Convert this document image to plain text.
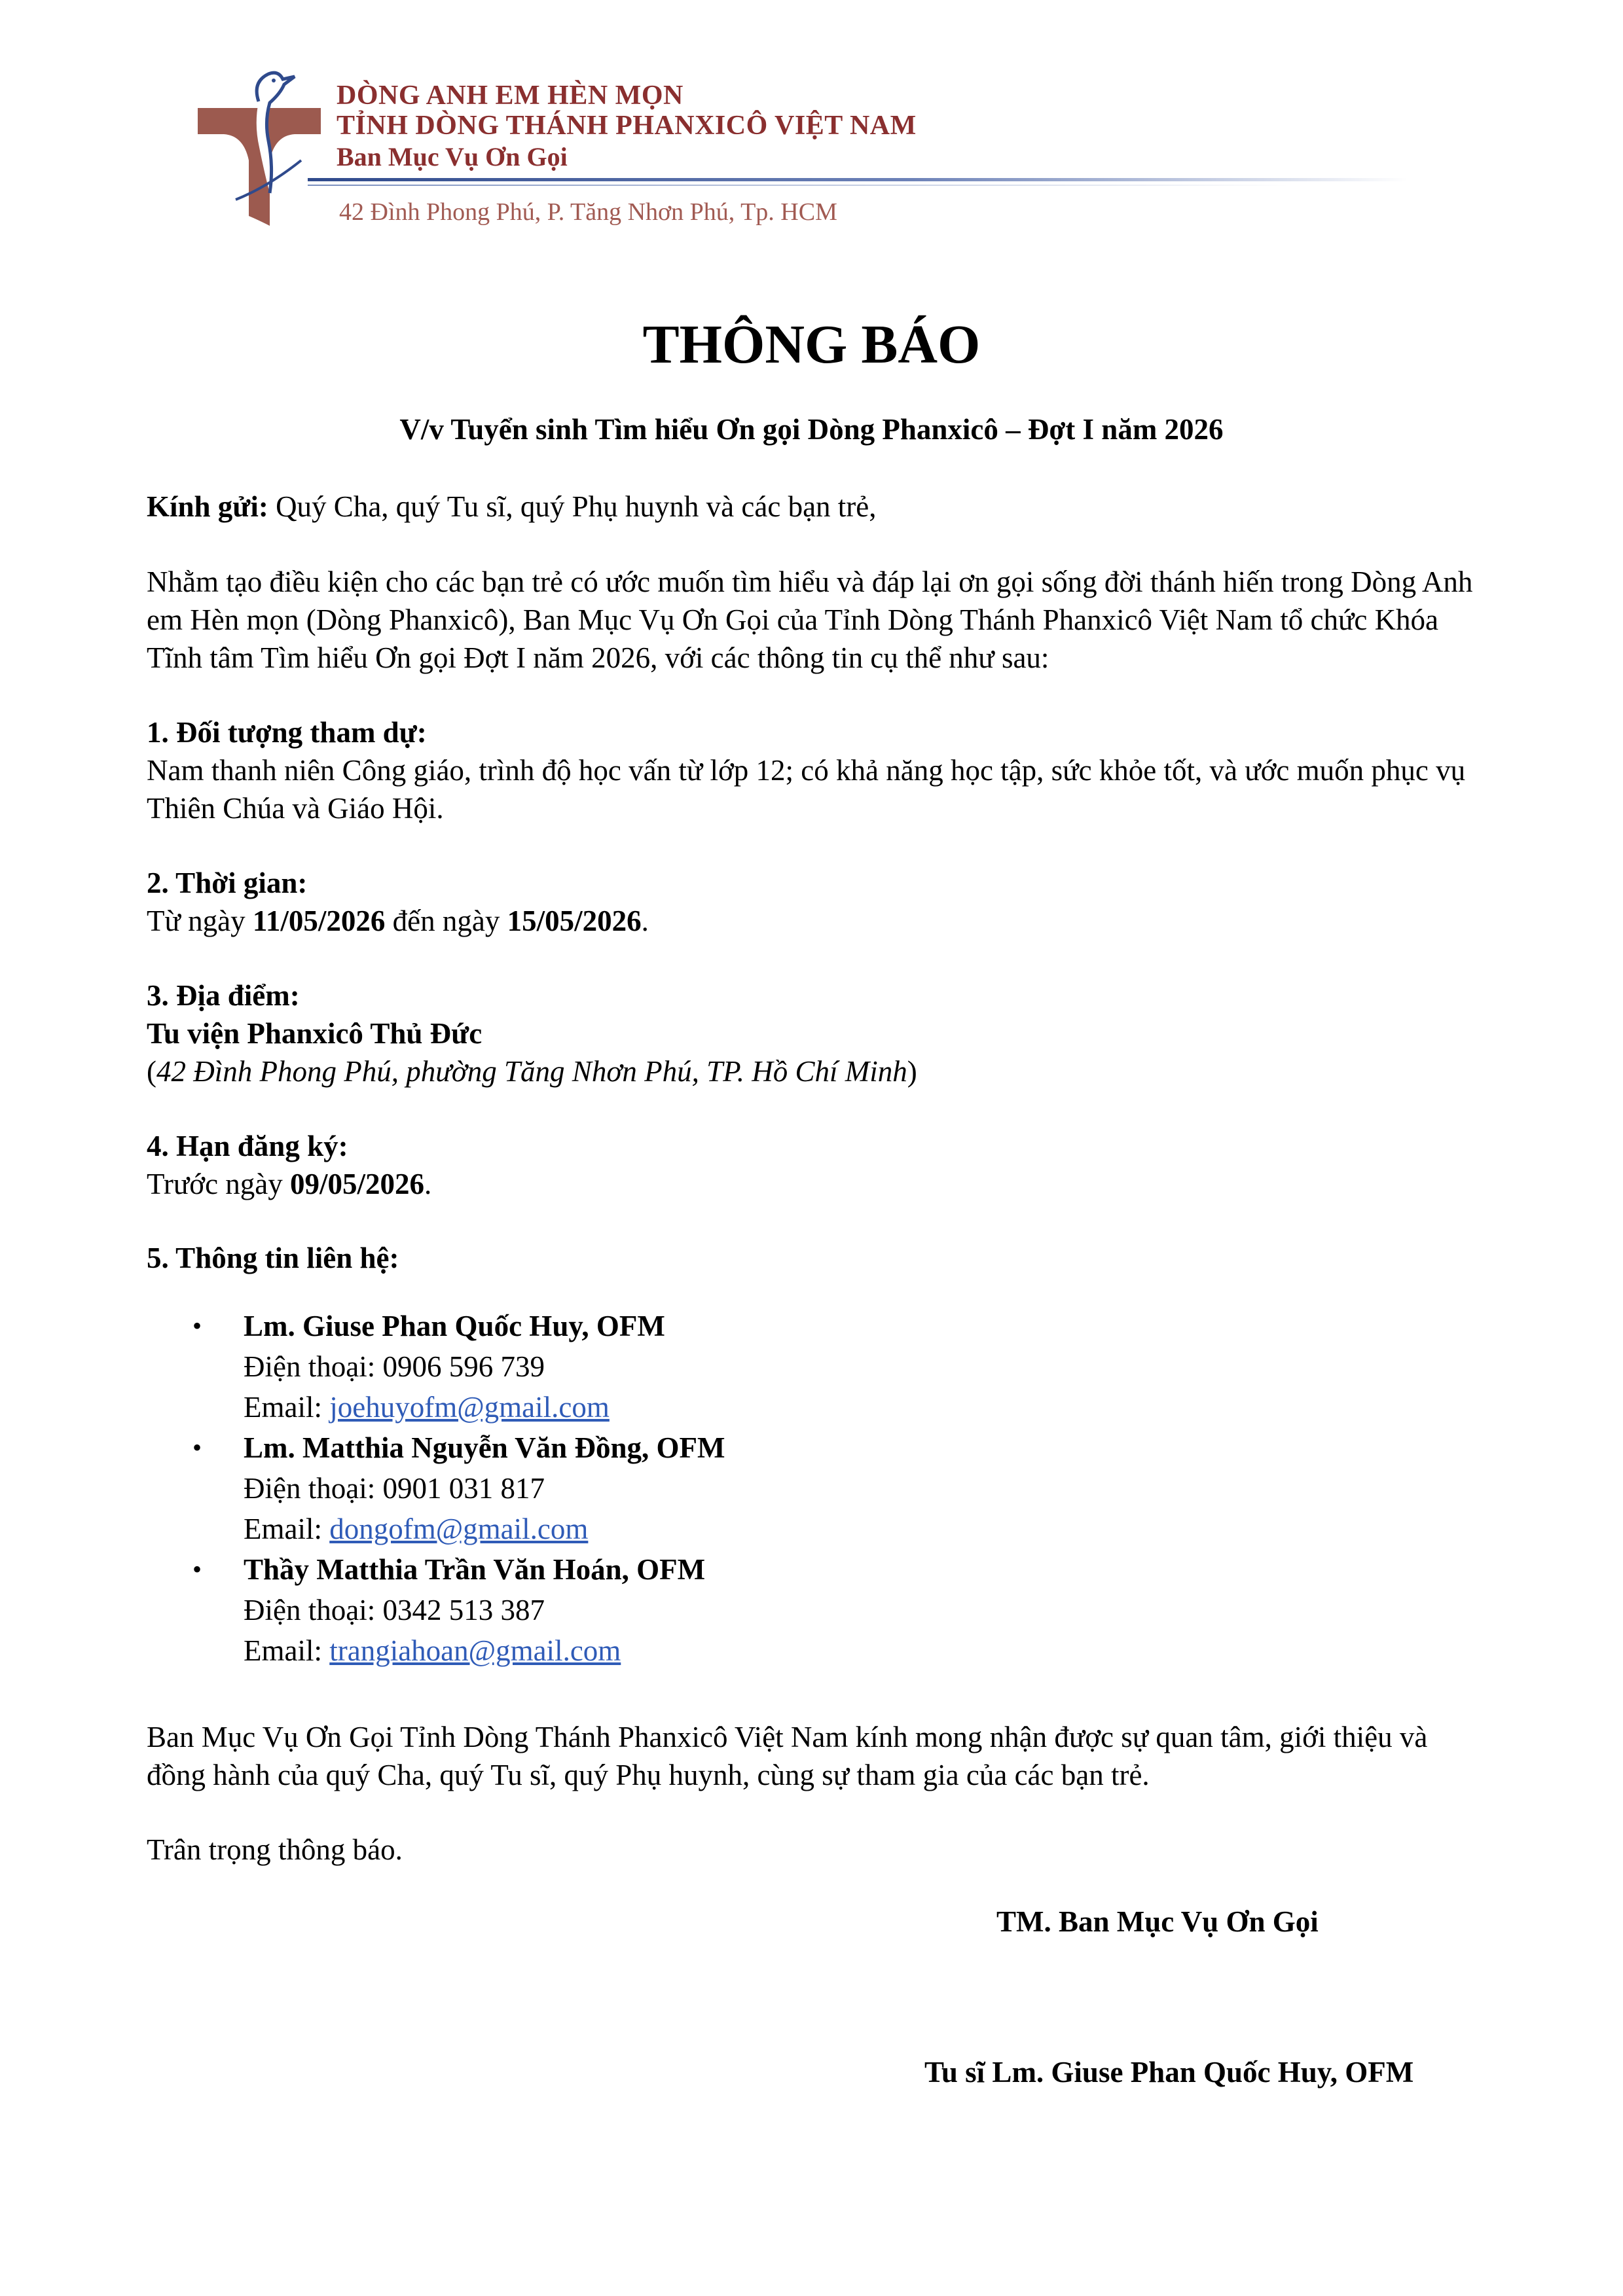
DÒNG ANH EM HÈN MỌN
TỈNH DÒNG THÁNH PHANXICÔ VIỆT NAM
Ban Mục Vụ Ơn Gọi
42 Đình Phong Phú, P. Tăng Nhơn Phú, Tp. HCM
THÔNG BÁO
V/v Tuyển sinh Tìm hiểu Ơn gọi Dòng Phanxicô – Đợt I năm 2026
Kính gửi: Quý Cha, quý Tu sĩ, quý Phụ huynh và các bạn trẻ,
Nhằm tạo điều kiện cho các bạn trẻ có ước muốn tìm hiểu và đáp lại ơn gọi sống đời thánh hiến trong Dòng Anh em Hèn mọn (Dòng Phanxicô), Ban Mục Vụ Ơn Gọi của Tỉnh Dòng Thánh Phanxicô Việt Nam tổ chức Khóa Tĩnh tâm Tìm hiểu Ơn gọi Đợt I năm 2026, với các thông tin cụ thể như sau:
1. Đối tượng tham dự:
Nam thanh niên Công giáo, trình độ học vấn từ lớp 12; có khả năng học tập, sức khỏe tốt, và ước muốn phục vụ Thiên Chúa và Giáo Hội.
2. Thời gian:
Từ ngày 11/05/2026 đến ngày 15/05/2026.
3. Địa điểm:
Tu viện Phanxicô Thủ Đức
(42 Đình Phong Phú, phường Tăng Nhơn Phú, TP. Hồ Chí Minh)
4. Hạn đăng ký:
Trước ngày 09/05/2026.
5. Thông tin liên hệ:
• Lm. Giuse Phan Quốc Huy, OFM
Điện thoại: 0906 596 739
Email: joehuyofm@gmail.com
• Lm. Matthia Nguyễn Văn Đồng, OFM
Điện thoại: 0901 031 817
Email: dongofm@gmail.com
• Thầy Matthia Trần Văn Hoán, OFM
Điện thoại: 0342 513 387
Email: trangiahoan@gmail.com
Ban Mục Vụ Ơn Gọi Tỉnh Dòng Thánh Phanxicô Việt Nam kính mong nhận được sự quan tâm, giới thiệu và đồng hành của quý Cha, quý Tu sĩ, quý Phụ huynh, cùng sự tham gia của các bạn trẻ.
Trân trọng thông báo.
TM. Ban Mục Vụ Ơn Gọi
Tu sĩ Lm. Giuse Phan Quốc Huy, OFM
